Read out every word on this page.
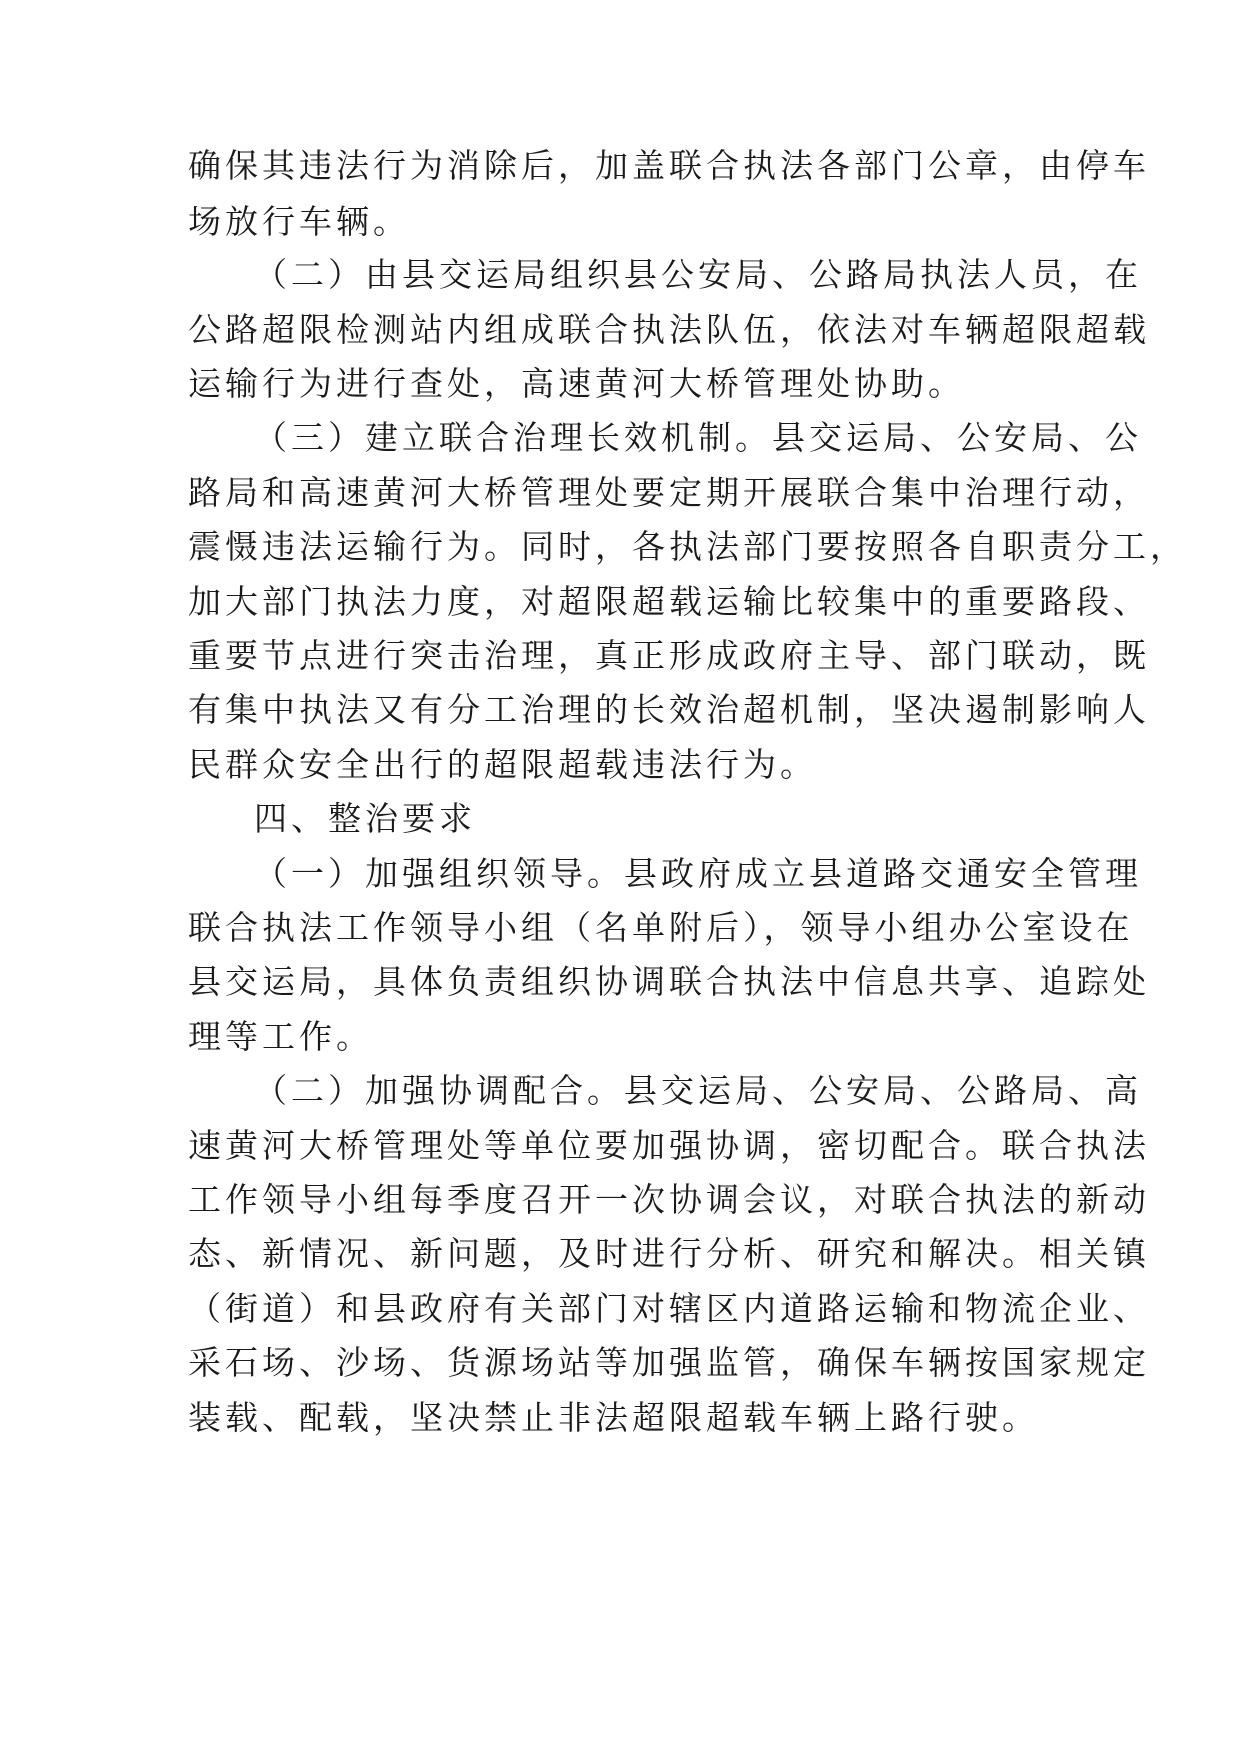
确保其违法行为消除后，加盖联合执法各部门公章，由停车
场放行车辆。
（二）由县交运局组织县公安局、公路局执法人员，在
公路超限检测站内组成联合执法队伍，依法对车辆超限超载
运输行为进行查处，高速黄河大桥管理处协助。
（三）建立联合治理长效机制。县交运局、公安局、公
路局和高速黄河大桥管理处要定期开展联合集中治理行动，
震慑违法运输行为。同时，各执法部门要按照各自职责分工，
加大部门执法力度，对超限超载运输比较集中的重要路段、
重要节点进行突击治理，真正形成政府主导、部门联动，既
有集中执法又有分工治理的长效治超机制，坚决遏制影响人
民群众安全出行的超限超载违法行为。
四、整治要求
（一）加强组织领导。县政府成立县道路交通安全管理
联合执法工作领导小组（名单附后），领导小组办公室设在
县交运局，具体负责组织协调联合执法中信息共享、追踪处
理等工作。
（二）加强协调配合。县交运局、公安局、公路局、高
速黄河大桥管理处等单位要加强协调，密切配合。联合执法
工作领导小组每季度召开一次协调会议，对联合执法的新动
态、新情况、新问题，及时进行分析、研究和解决。相关镇
（街道）和县政府有关部门对辖区内道路运输和物流企业、
采石场、沙场、货源场站等加强监管，确保车辆按国家规定
装载、配载，坚决禁止非法超限超载车辆上路行驶。
